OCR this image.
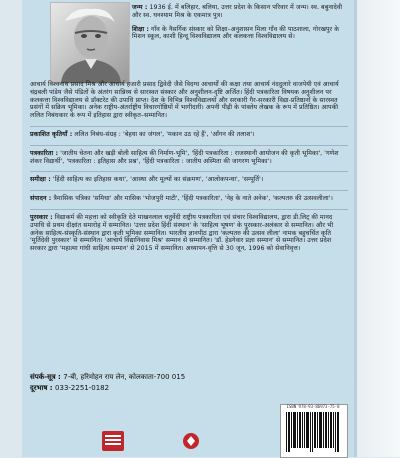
जन्म : 1936 ई. में बलिहार, बलिया, उत्तर प्रदेश के किसान परिवार में जन्म। स्व. बबुनादेवी और स्व. घनश्याम मिश्र के एकमात्र पुत्र।

शिक्षा : गाँव के नैसर्गिक संस्कार को शिक्षा–अनुशासन मिला गाँव की पाठशाला, गोरखपुर के मिशन स्कूल, काशी हिन्दू विश्वविद्यालय और कलकत्ता विश्वविद्यालय से।

आचार्य विश्वनाथ प्रसाद मिश्र और आचार्य हजारी प्रसाद द्विवेदी जैसे विदग्ध आचार्यों की कक्षा तथा आचार्य नंददुलारे वाजपेयी एवं आचार्य चंद्रबली पांडेय जैसे पंडितों के अंतरंग सान्निध्य से सारस्वत संस्कार और अनुशीलन-दृष्टि अर्जित। हिंदी पत्रकारिता विषयक अनुशीलन पर कलकत्ता विश्वविद्यालय से डॉक्टरेट की उपाधि प्राप्त। देश के विभिन्न विश्वविद्यालयों और सरकारी गैर-सरकारी विद्या-प्रतिष्ठानों के सारस्वत प्रसंगों में सक्रिय भूमिका। अनेक राष्ट्रीय-अंतर्राष्ट्रीय विचारगोष्ठियों में भागीदारी। अपनी पीढ़ी के पांक्तेय लेखक के रूप में प्रतिष्ठित। आपकी ललित निबंधकार के रूप में इतिहास द्वारा स्वीकृत–सम्मानित।

प्रकाशित कृतियाँ : ललित निबंध-संग्रह : 'बेहया का जंगल', 'मकान उठ रहे हैं', 'ऑंगन की तलाश'।

पत्रकारिता : 'जातीय चेतना और खड़ी बोली साहित्य की निर्माण-भूमि', 'हिंदी पत्रकारिता : राजस्थानी आयोजन की कृती भूमिका', 'गणेश शंकर विद्यार्थी', 'पत्रकारिता : इतिहास और प्रश्न', 'हिंदी पत्रकारिता : जातीय अस्मिता की जागरण भूमिका'।

समीक्षा : 'हिंदी साहित्य का इतिहास कथा', 'आस्था और मूल्यों का संक्रमण', 'आलोकपन्था', 'सम्पूर्ति'।

संपादन : त्रैमासिक पत्रिका 'समिधा' और मासिक 'भोजपुरी माटी', 'हिंदी पत्रकारिता', 'नेह के नाते अनेक', 'कल्पतरु की उत्सवलीला'।

पुरस्कार : विद्याकर्म की महत्ता को स्वीकृति देते माखनलाल चतुर्वेदी राष्ट्रीय पत्रकारिता एवं संचार विश्वविद्यालय, द्वारा डी.लिट् की मानद उपाधि से प्रथम दीक्षांत समारोह में सम्मानित। 'उत्तर प्रदेश हिंदी संस्थान' के 'साहित्य भूषण' के पुरस्कार-अलंकार से सम्मानित। और भी अनेक साहित्य-संस्कृति-संस्थान द्वारा कृती भूमिका सम्मानित। भारतीय ज्ञानपीठ द्वारा 'कल्पतरु की उत्सव लीला' नामक बहुचर्चित कृति 'मूर्तिदेवी पुरस्कार' से सम्मानित। 'आचार्य विद्यानिवास मिश्र' सम्मान से सम्मानित। 'डॉ. हेडगेवार प्रज्ञा सम्मान' से सम्मानित। उत्तर प्रदेश सरकार द्वारा 'महात्मा गांधी साहित्य सम्मान' से 2015 में सम्मानित। अध्यापन-वृत्ति से 30 जून, 1996 को सेवानिवृत्त।

संपर्क-सूत्र : 7-बी, हरिमोहन राय लेन, कोलकाता-700 015
दूरभाष : 033-2251-0182
ISBN 978-93-86973-75-8
